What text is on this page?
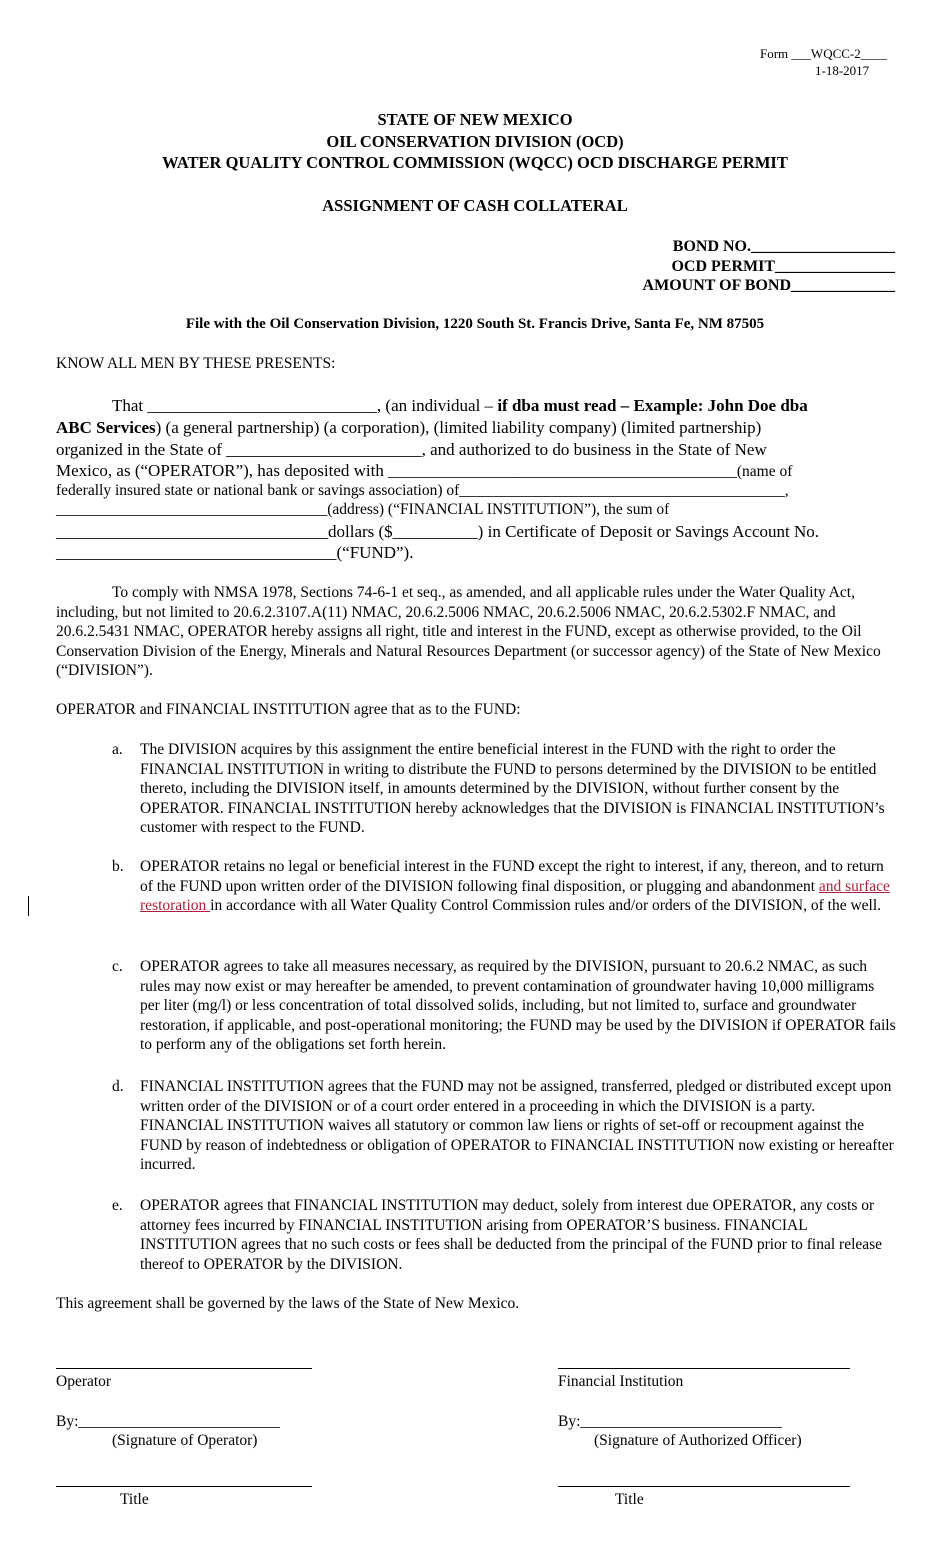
Form ___WQCC-2____
1-18-2017
STATE OF NEW MEXICO
OIL CONSERVATION DIVISION (OCD)
WATER QUALITY CONTROL COMMISSION (WQCC) OCD DISCHARGE PERMIT
ASSIGNMENT OF CASH COLLATERAL
BOND NO.__________________
OCD PERMIT_______________
AMOUNT OF BOND_____________
File with the Oil Conservation Division, 1220 South St. Francis Drive, Santa Fe, NM 87505
KNOW ALL MEN BY THESE PRESENTS:
That ___________________________, (an individual – if dba must read – Example: John Doe dba
ABC Services) (a general partnership) (a corporation), (limited liability company) (limited partnership)
organized in the State of _______________________, and authorized to do business in the State of New
Mexico, as (“OPERATOR”), has deposited with _____________________________________________(name of
federally insured state or national bank or savings association) of__________________________________________,
___________________________________(address) (“FINANCIAL INSTITUTION”), the sum of
________________________________dollars ($__________) in Certificate of Deposit or Savings Account No.
_________________________________(“FUND”).
To comply with NMSA 1978, Sections 74-6-1 et seq., as amended, and all applicable rules under the Water Quality Act, including, but not limited to 20.6.2.3107.A(11) NMAC, 20.6.2.5006 NMAC, 20.6.2.5006 NMAC, 20.6.2.5302.F NMAC, and 20.6.2.5431 NMAC, OPERATOR hereby assigns all right, title and interest in the FUND, except as otherwise provided, to the Oil Conservation Division of the Energy, Minerals and Natural Resources Department (or successor agency) of the State of New Mexico (“DIVISION”).
OPERATOR and FINANCIAL INSTITUTION agree that as to the FUND:
a. The DIVISION acquires by this assignment the entire beneficial interest in the FUND with the right to order the FINANCIAL INSTITUTION in writing to distribute the FUND to persons determined by the DIVISION to be entitled thereto, including the DIVISION itself, in amounts determined by the DIVISION, without further consent by the OPERATOR. FINANCIAL INSTITUTION hereby acknowledges that the DIVISION is FINANCIAL INSTITUTION’s customer with respect to the FUND.
b. OPERATOR retains no legal or beneficial interest in the FUND except the right to interest, if any, thereon, and to return of the FUND upon written order of the DIVISION following final disposition, or plugging and abandonment and surface restoration in accordance with all Water Quality Control Commission rules and/or orders of the DIVISION, of the well.
c. OPERATOR agrees to take all measures necessary, as required by the DIVISION, pursuant to 20.6.2 NMAC, as such rules may now exist or may hereafter be amended, to prevent contamination of groundwater having 10,000 milligrams per liter (mg/l) or less concentration of total dissolved solids, including, but not limited to, surface and groundwater restoration, if applicable, and post-operational monitoring; the FUND may be used by the DIVISION if OPERATOR fails to perform any of the obligations set forth herein.
d. FINANCIAL INSTITUTION agrees that the FUND may not be assigned, transferred, pledged or distributed except upon written order of the DIVISION or of a court order entered in a proceeding in which the DIVISION is a party. FINANCIAL INSTITUTION waives all statutory or common law liens or rights of set-off or recoupment against the FUND by reason of indebtedness or obligation of OPERATOR to FINANCIAL INSTITUTION now existing or hereafter incurred.
e. OPERATOR agrees that FINANCIAL INSTITUTION may deduct, solely from interest due OPERATOR, any costs or attorney fees incurred by FINANCIAL INSTITUTION arising from OPERATOR’S business. FINANCIAL INSTITUTION agrees that no such costs or fees shall be deducted from the principal of the FUND prior to final release thereof to OPERATOR by the DIVISION.
This agreement shall be governed by the laws of the State of New Mexico.
Operator	Financial Institution
By:__________________________	By:__________________________
(Signature of Operator)	(Signature of Authorized Officer)
Title	Title
